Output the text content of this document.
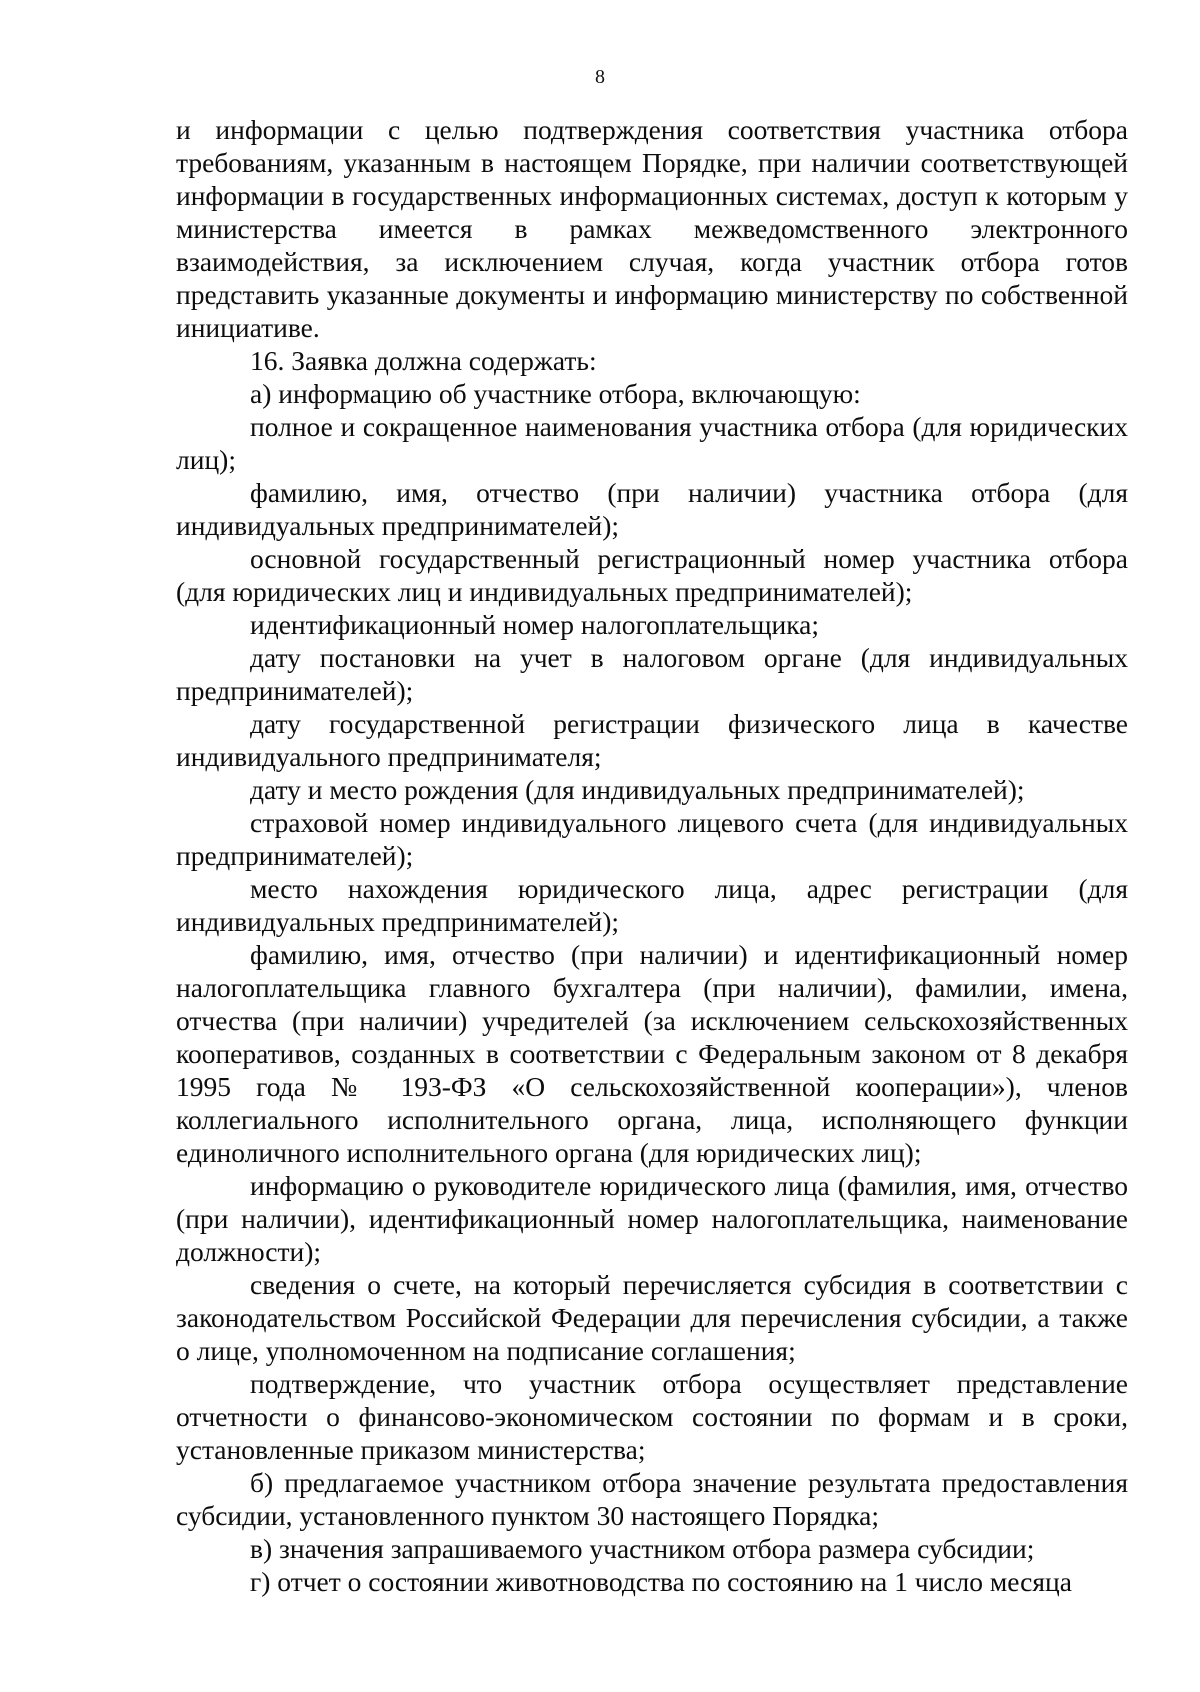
8

и информации с целью подтверждения соответствия участника отбора требованиям, указанным в настоящем Порядке, при наличии соответствующей информации в государственных информационных системах, доступ к которым у министерства имеется в рамках межведомственного электронного взаимодействия, за исключением случая, когда участник отбора готов представить указанные документы и информацию министерству по собственной инициативе.

16. Заявка должна содержать:

а) информацию об участнике отбора, включающую:

полное и сокращенное наименования участника отбора (для юридических лиц);

фамилию, имя, отчество (при наличии) участника отбора (для индивидуальных предпринимателей);

основной государственный регистрационный номер участника отбора (для юридических лиц и индивидуальных предпринимателей);

идентификационный номер налогоплательщика;

дату постановки на учет в налоговом органе (для индивидуальных предпринимателей);

дату государственной регистрации физического лица в качестве индивидуального предпринимателя;

дату и место рождения (для индивидуальных предпринимателей);

страховой номер индивидуального лицевого счета (для индивидуальных предпринимателей);

место нахождения юридического лица, адрес регистрации (для индивидуальных предпринимателей);

фамилию, имя, отчество (при наличии) и идентификационный номер налогоплательщика главного бухгалтера (при наличии), фамилии, имена, отчества (при наличии) учредителей (за исключением сельскохозяйственных кооперативов, созданных в соответствии с Федеральным законом от 8 декабря 1995 года № 193-ФЗ «О сельскохозяйственной кооперации»), членов коллегиального исполнительного органа, лица, исполняющего функции единоличного исполнительного органа (для юридических лиц);

информацию о руководителе юридического лица (фамилия, имя, отчество (при наличии), идентификационный номер налогоплательщика, наименование должности);

сведения о счете, на который перечисляется субсидия в соответствии с законодательством Российской Федерации для перечисления субсидии, а также о лице, уполномоченном на подписание соглашения;

подтверждение, что участник отбора осуществляет представление отчетности о финансово-экономическом состоянии по формам и в сроки, установленные приказом министерства;

б) предлагаемое участником отбора значение результата предоставления субсидии, установленного пунктом 30 настоящего Порядка;

в) значения запрашиваемого участником отбора размера субсидии;

г) отчет о состоянии животноводства по состоянию на 1 число месяца
